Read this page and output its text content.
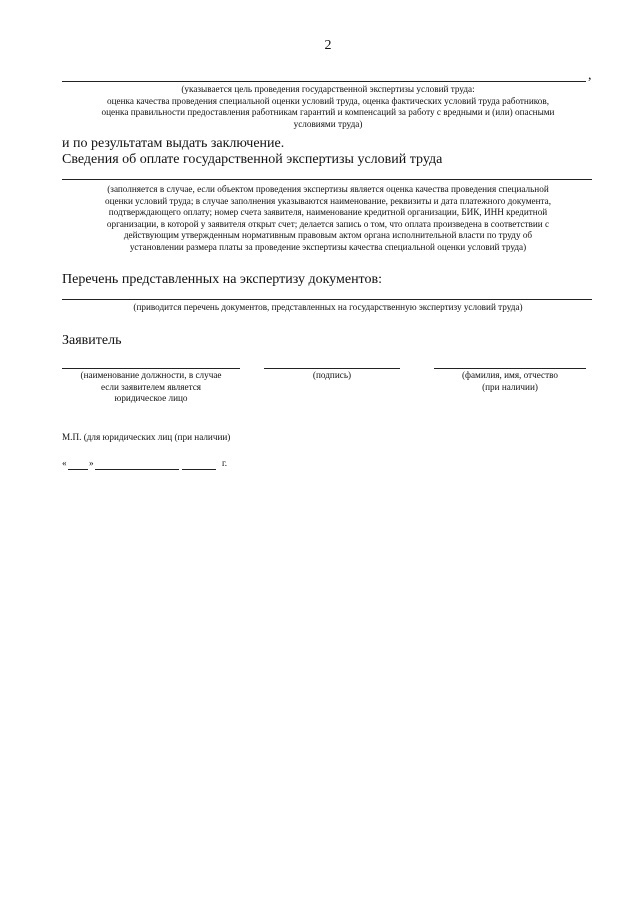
2
,
(указывается цель проведения государственной экспертизы условий труда:
оценка качества проведения специальной оценки условий труда, оценка фактических условий труда работников,
оценка правильности предоставления работникам гарантий и компенсаций за работу с вредными и (или) опасными
условиями труда)
и по результатам выдать заключение.
Сведения об оплате государственной экспертизы условий труда
(заполняется в случае, если объектом проведения экспертизы является оценка качества проведения специальной
оценки условий труда; в случае заполнения указываются наименование, реквизиты и дата платежного документа,
подтверждающего оплату; номер счета заявителя, наименование кредитной организации, БИК, ИНН кредитной
организации, в которой у заявителя открыт счет; делается запись о том, что оплата произведена в соответствии с
действующим утвержденным нормативным правовым актом органа исполнительной власти по труду об
установлении размера платы за проведение экспертизы качества специальной оценки условий труда)
Перечень представленных на экспертизу документов:
(приводится перечень документов, представленных на государственную экспертизу условий труда)
Заявитель
(наименование должности, в случае
если заявителем является
юридическое лицо
(подпись)	(фамилия, имя, отчество
(при наличии)
М.П. (для юридических лиц (при наличии)
« »	г.
